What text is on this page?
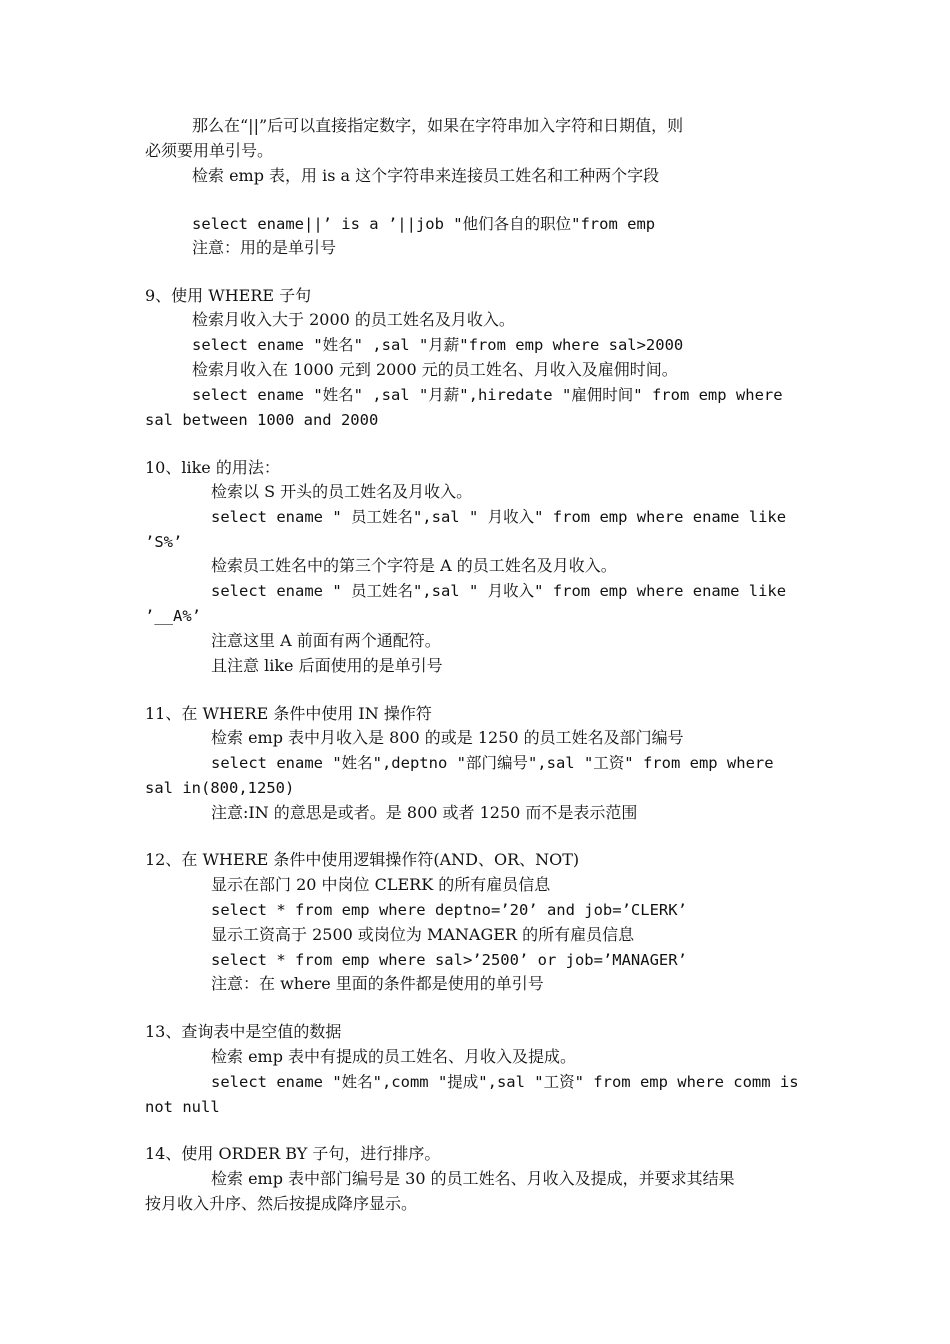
那么在“||”后可以直接指定数字，如果在字符串加入字符和日期值，则

必须要用单引号。

检索 emp 表，用 is a 这个字符串来连接员工姓名和工种两个字段

select ename||’ is a ’||job "他们各自的职位"from emp

注意：用的是单引号

9、使用 WHERE 子句

检索月收入大于 2000 的员工姓名及月收入。

select ename "姓名" ,sal "月薪"from emp where sal>2000

检索月收入在 1000 元到 2000 元的员工姓名、月收入及雇佣时间。

select ename "姓名" ,sal "月薪",hiredate "雇佣时间" from emp where

sal between 1000 and 2000

10、like 的用法：

检索以 S 开头的员工姓名及月收入。

select ename " 员工姓名",sal " 月收入" from emp where ename like

’S%’

检索员工姓名中的第三个字符是 A 的员工姓名及月收入。

select ename " 员工姓名",sal " 月收入" from emp where ename like

’__A%’

注意这里 A 前面有两个通配符。

且注意 like 后面使用的是单引号

11、在 WHERE 条件中使用 IN 操作符

检索 emp 表中月收入是 800 的或是 1250 的员工姓名及部门编号

select ename "姓名",deptno "部门编号",sal "工资" from emp where

sal in(800,1250)

注意:IN 的意思是或者。是 800 或者 1250 而不是表示范围

12、在 WHERE 条件中使用逻辑操作符(AND、OR、NOT)

显示在部门 20 中岗位 CLERK 的所有雇员信息

select * from emp where deptno=’20’ and job=’CLERK’

显示工资高于 2500 或岗位为 MANAGER 的所有雇员信息

select * from emp where sal>’2500’ or job=’MANAGER’

注意：在 where 里面的条件都是使用的单引号

13、查询表中是空值的数据

检索 emp 表中有提成的员工姓名、月收入及提成。

select ename "姓名",comm "提成",sal "工资" from emp where comm is

not null

14、使用 ORDER BY 子句，进行排序。

检索 emp 表中部门编号是 30 的员工姓名、月收入及提成，并要求其结果

按月收入升序、然后按提成降序显示。
